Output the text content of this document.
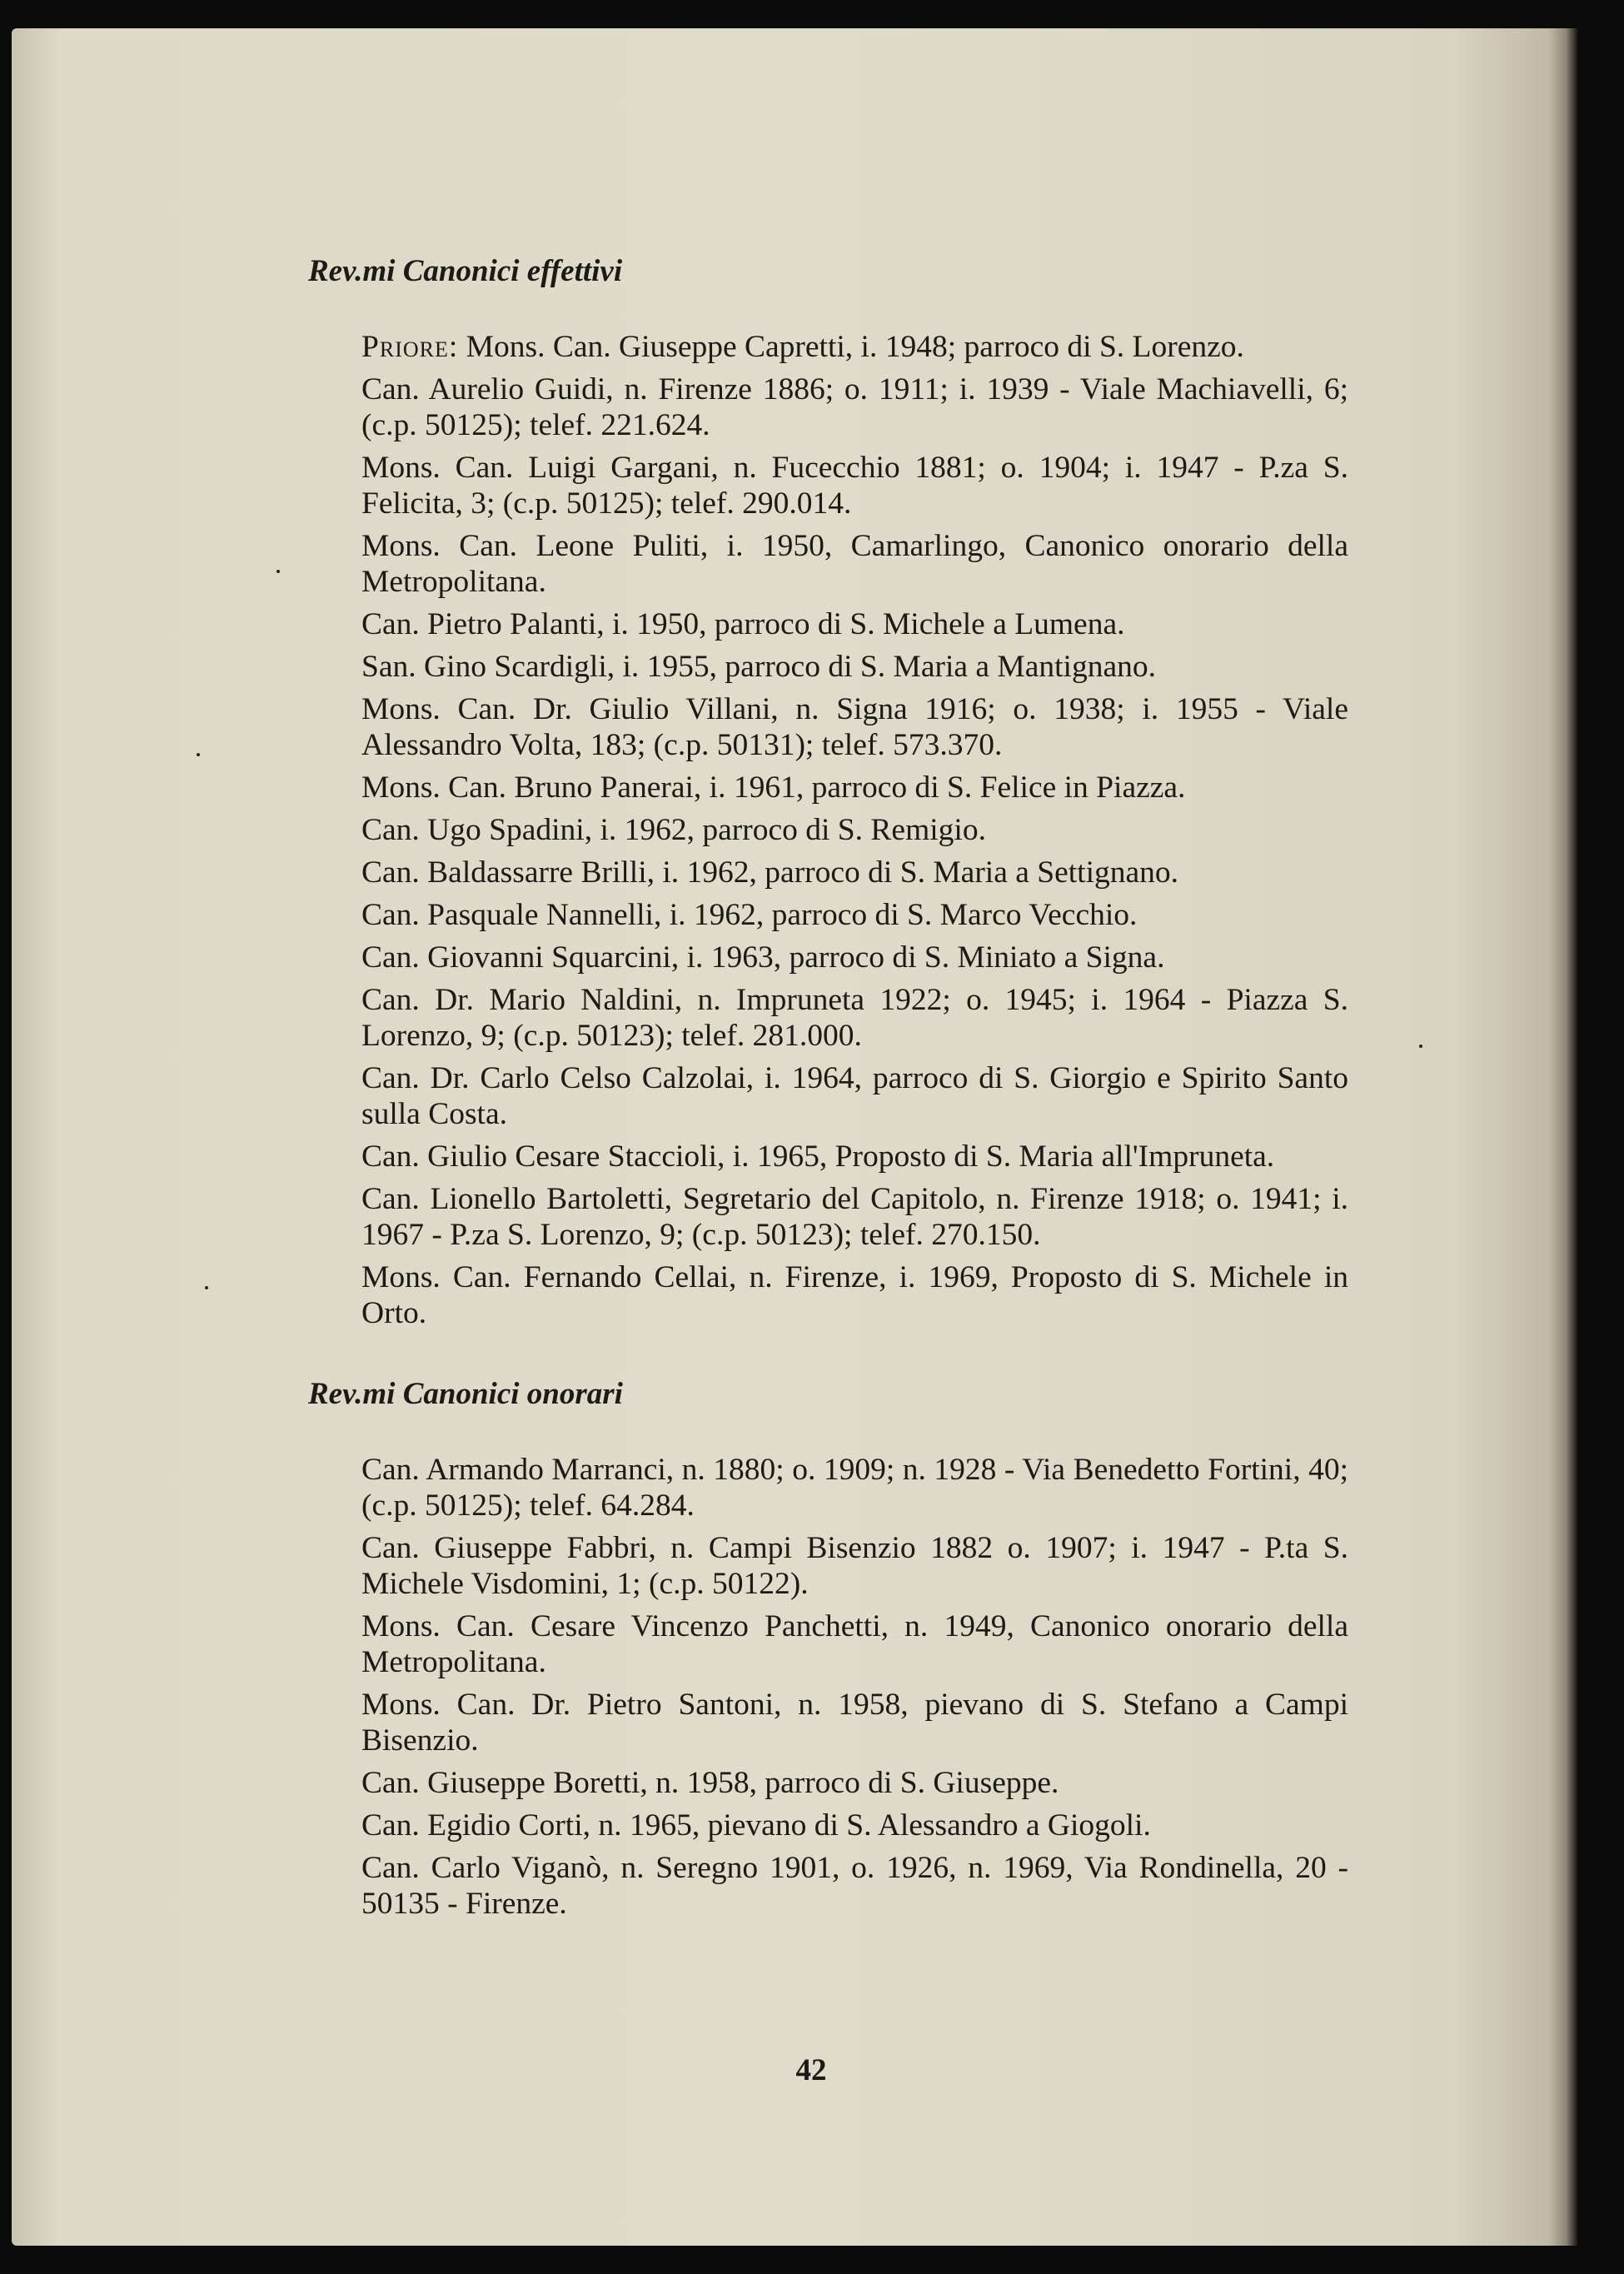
Rev.mi Canonici effettivi

Priore: Mons. Can. Giuseppe Capretti, i. 1948; parroco di S. Lorenzo.

Can. Aurelio Guidi, n. Firenze 1886; o. 1911; i. 1939 - Viale Machiavelli, 6; (c.p. 50125); telef. 221.624.

Mons. Can. Luigi Gargani, n. Fucecchio 1881; o. 1904; i. 1947 - P.za S. Felicita, 3; (c.p. 50125); telef. 290.014.

Mons. Can. Leone Puliti, i. 1950, Camarlingo, Canonico onorario della Metropolitana.

Can. Pietro Palanti, i. 1950, parroco di S. Michele a Lumena.

San. Gino Scardigli, i. 1955, parroco di S. Maria a Mantignano.

Mons. Can. Dr. Giulio Villani, n. Signa 1916; o. 1938; i. 1955 - Viale Alessandro Volta, 183; (c.p. 50131); telef. 573.370.

Mons. Can. Bruno Panerai, i. 1961, parroco di S. Felice in Piazza.

Can. Ugo Spadini, i. 1962, parroco di S. Remigio.

Can. Baldassarre Brilli, i. 1962, parroco di S. Maria a Settignano.

Can. Pasquale Nannelli, i. 1962, parroco di S. Marco Vecchio.

Can. Giovanni Squarcini, i. 1963, parroco di S. Miniato a Signa.

Can. Dr. Mario Naldini, n. Impruneta 1922; o. 1945; i. 1964 - Piazza S. Lorenzo, 9; (c.p. 50123); telef. 281.000.

Can. Dr. Carlo Celso Calzolai, i. 1964, parroco di S. Giorgio e Spirito Santo sulla Costa.

Can. Giulio Cesare Staccioli, i. 1965, Proposto di S. Maria all'Impruneta.

Can. Lionello Bartoletti, Segretario del Capitolo, n. Firenze 1918; o. 1941; i. 1967 - P.za S. Lorenzo, 9; (c.p. 50123); telef. 270.150.

Mons. Can. Fernando Cellai, n. Firenze, i. 1969, Proposto di S. Michele in Orto.

Rev.mi Canonici onorari

Can. Armando Marranci, n. 1880; o. 1909; n. 1928 - Via Benedetto Fortini, 40; (c.p. 50125); telef. 64.284.

Can. Giuseppe Fabbri, n. Campi Bisenzio 1882 o. 1907; i. 1947 - P.ta S. Michele Visdomini, 1; (c.p. 50122).

Mons. Can. Cesare Vincenzo Panchetti, n. 1949, Canonico onorario della Metropolitana.

Mons. Can. Dr. Pietro Santoni, n. 1958, pievano di S. Stefano a Campi Bisenzio.

Can. Giuseppe Boretti, n. 1958, parroco di S. Giuseppe.

Can. Egidio Corti, n. 1965, pievano di S. Alessandro a Giogoli.

Can. Carlo Viganò, n. Seregno 1901, o. 1926, n. 1969, Via Rondinella, 20 - 50135 - Firenze.

42
